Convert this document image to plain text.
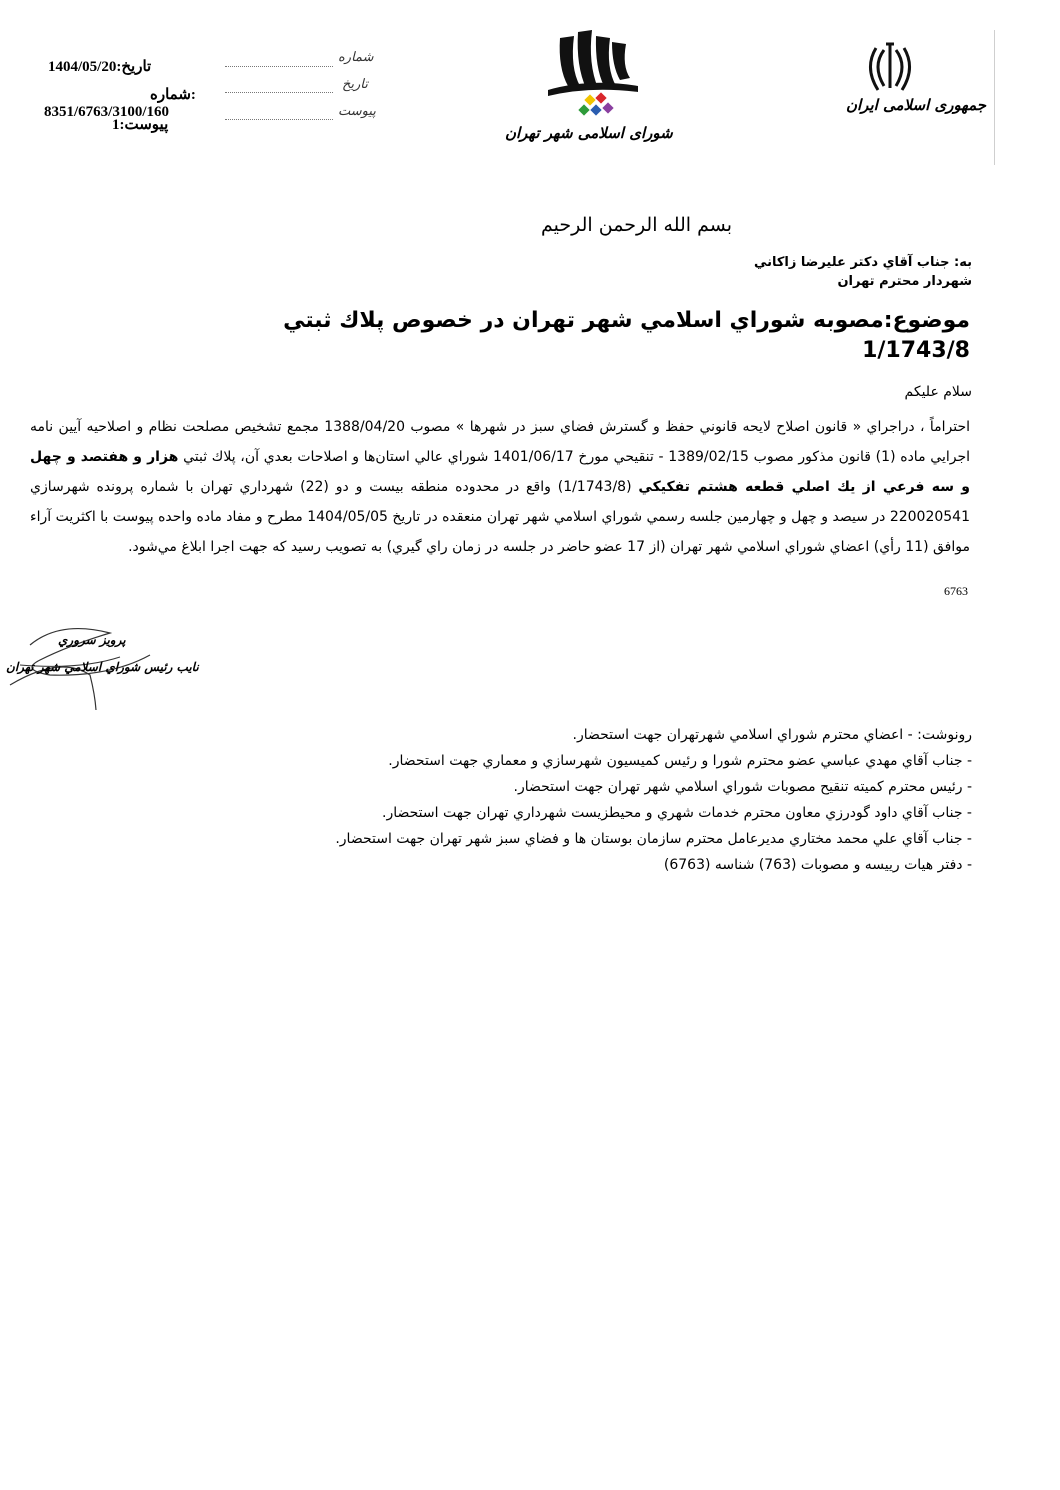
1404/05/20:تاریخ
:شماره
8351/6763/3100/160
پیوست:1
شماره
تاریخ
پیوست
شورای اسلامی شهر تهران
جمهوری اسلامی ایران
بسم الله الرحمن الرحيم
به: جناب آقاي دكتر عليرضا زاكاني
شهردار محترم تهران
موضوع:مصوبه شوراي اسلامي شهر تهران در خصوص پلاك ثبتي
1/1743/8
سلام عليكم
احتراماً ، دراجراي « قانون اصلاح لايحه قانوني حفظ و گسترش فضاي سبز در شهرها » مصوب 1388/04/20 مجمع تشخيص مصلحت نظام و اصلاحيه آيين نامه اجرايي ماده (1) قانون مذكور مصوب 1389/02/15 - تنقيحي مورخ 1401/06/17 شوراي عالي استان‌ها و اصلاحات بعدي آن، پلاك ثبتي هزار و هفتصد و چهل و سه فرعي از يك اصلي قطعه هشتم تفكيكي (1/1743/8) واقع در محدوده منطقه بيست و دو (22) شهرداري تهران با شماره پرونده شهرسازي 220020541 در سيصد و چهل و چهارمين جلسه رسمي شوراي اسلامي شهر تهران منعقده در تاريخ 1404/05/05 مطرح و مفاد ماده واحده پيوست با اكثريت آراء موافق (11 رأي) اعضاي شوراي اسلامي شهر تهران (از 17 عضو حاضر در جلسه در زمان راي گيري) به تصويب رسيد كه جهت اجرا ابلاغ مي‌شود.
6763
پرويز سروري
نايب رئيس شوراي اسلامي شهر تهران
رونوشت: - اعضاي محترم شوراي اسلامي شهرتهران جهت استحضار.
- جناب آقاي مهدي عباسي عضو محترم شورا و رئيس كميسيون شهرسازي و معماري جهت استحضار.
- رئيس محترم كميته تنقيح مصوبات شوراي اسلامي شهر تهران جهت استحضار.
- جناب آقاي داود گودرزي معاون محترم خدمات شهري و محيطزيست شهرداري تهران جهت استحضار.
- جناب آقاي علي محمد مختاري مديرعامل محترم سازمان بوستان ها و فضاي سبز شهر تهران جهت استحضار.
- دفتر هيات رييسه و مصوبات (763) شناسه (6763)
